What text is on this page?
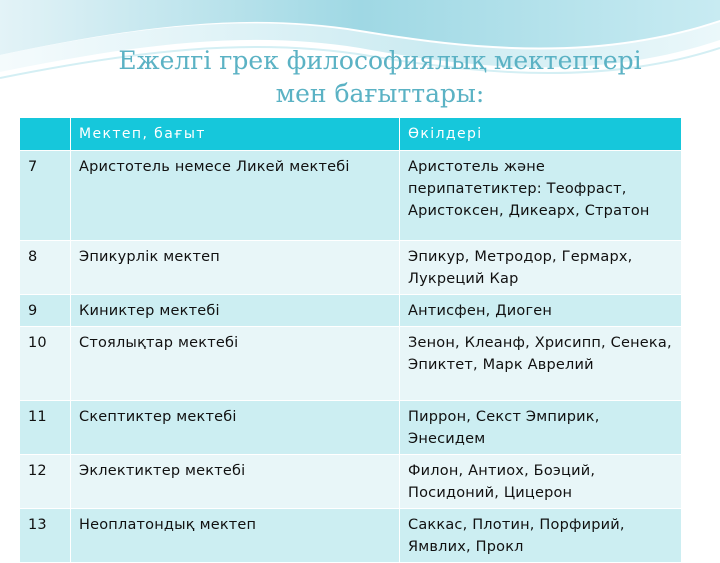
Ежелгі грек философиялық мектептері
мен бағыттары:
	Мектеп, бағыт	Өкілдері
7	Аристотель немесе Ликей мектебі	Аристотель және перипатетиктер: Теофраст, Аристоксен, Дикеарх, Стратон
8	Эпикурлік мектеп	Эпикур, Метродор, Гермарх, Лукреций Кар
9	Киниктер мектебі	Антисфен, Диоген
10	Стоялықтар мектебі	Зенон, Клеанф, Хрисипп, Сенека, Эпиктет, Марк Аврелий
11	Скептиктер мектебі	Пиррон, Секст Эмпирик, Энесидем
12	Эклектиктер мектебі	Филон, Антиох, Боэций, Посидоний, Цицерон
13	Неоплатондық мектеп	Саккас, Плотин, Порфирий, Ямвлих, Прокл
